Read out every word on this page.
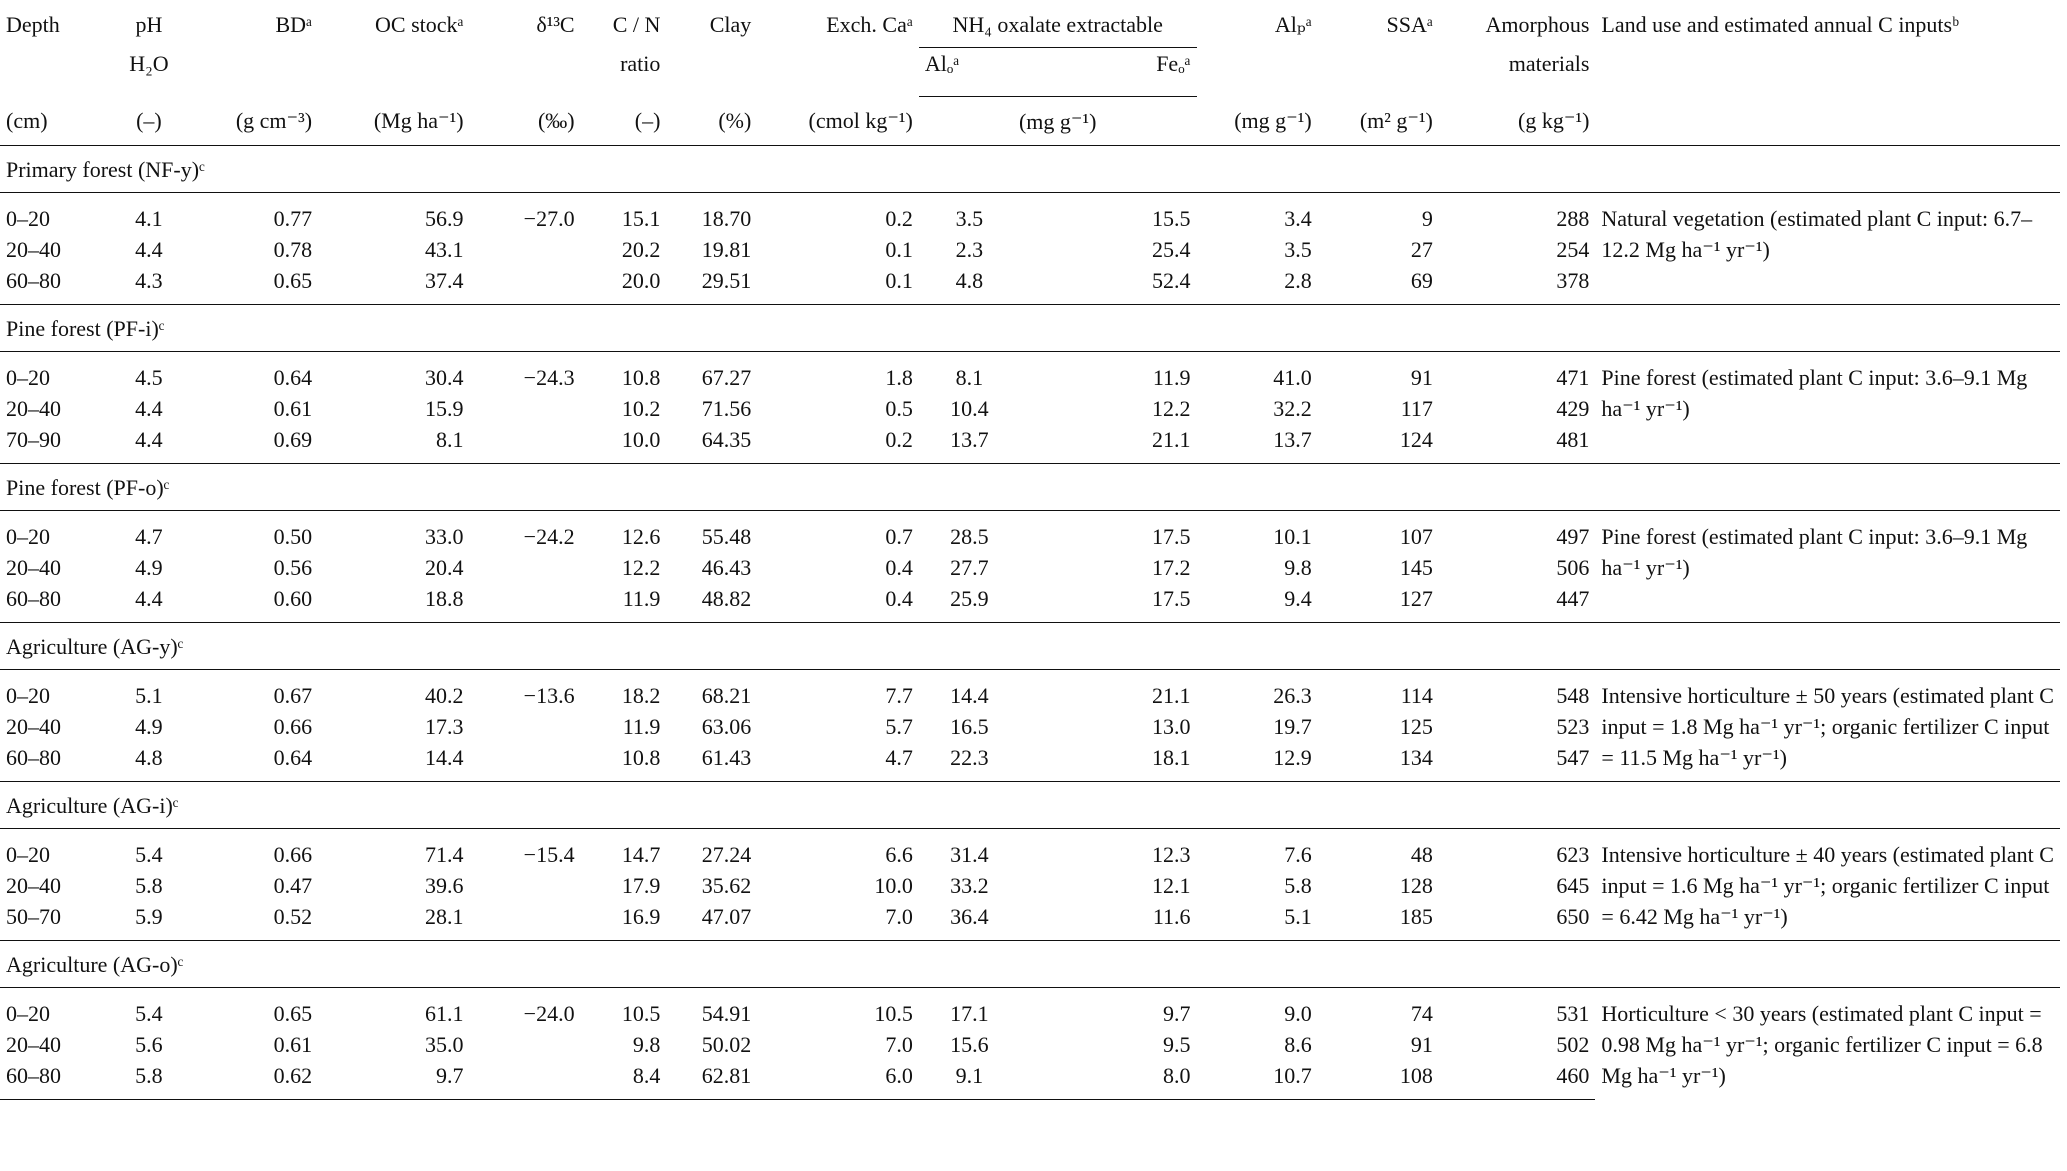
Depth	pH	BDᵃ	OC stockᵃ	δ¹³C	C / N	Clay	Exch. Caᵃ	NH₄ oxalate extractable		Alₚᵃ	SSAᵃ	Amorphous	Land use and estimated annual C inputsᵇ
	H₂O				ratio			Alₒᵃ	Feₒᵃ			materials	
(cm)	(–)	(g cm⁻³)	(Mg ha⁻¹)	(‰)	(–)	(%)	(cmol kg⁻¹)	(mg g⁻¹)		(mg g⁻¹)	(m² g⁻¹)	(g kg⁻¹)	
Primary forest (NF-y)ᶜ													
0–20	4.1	0.77	56.9	−27.0	15.1	18.70	0.2	3.5	15.5	3.4	9	288	Natural vegetation (estimated plant C input: 6.7–12.2 Mg ha⁻¹ yr⁻¹)
20–40	4.4	0.78	43.1		20.2	19.81	0.1	2.3	25.4	3.5	27	254	
60–80	4.3	0.65	37.4		20.0	29.51	0.1	4.8	52.4	2.8	69	378	
Pine forest (PF-i)ᶜ													
0–20	4.5	0.64	30.4	−24.3	10.8	67.27	1.8	8.1	11.9	41.0	91	471	Pine forest (estimated plant C input: 3.6–9.1 Mg ha⁻¹ yr⁻¹)
20–40	4.4	0.61	15.9		10.2	71.56	0.5	10.4	12.2	32.2	117	429	
70–90	4.4	0.69	8.1		10.0	64.35	0.2	13.7	21.1	13.7	124	481	
Pine forest (PF-o)ᶜ													
0–20	4.7	0.50	33.0	−24.2	12.6	55.48	0.7	28.5	17.5	10.1	107	497	Pine forest (estimated plant C input: 3.6–9.1 Mg ha⁻¹ yr⁻¹)
20–40	4.9	0.56	20.4		12.2	46.43	0.4	27.7	17.2	9.8	145	506	
60–80	4.4	0.60	18.8		11.9	48.82	0.4	25.9	17.5	9.4	127	447	
Agriculture (AG-y)ᶜ													
0–20	5.1	0.67	40.2	−13.6	18.2	68.21	7.7	14.4	21.1	26.3	114	548	Intensive horticulture ± 50 years (estimated plant C input = 1.8 Mg ha⁻¹ yr⁻¹; organic fertilizer C input = 11.5 Mg ha⁻¹ yr⁻¹)
20–40	4.9	0.66	17.3		11.9	63.06	5.7	16.5	13.0	19.7	125	523	
60–80	4.8	0.64	14.4		10.8	61.43	4.7	22.3	18.1	12.9	134	547	
Agriculture (AG-i)ᶜ													
0–20	5.4	0.66	71.4	−15.4	14.7	27.24	6.6	31.4	12.3	7.6	48	623	Intensive horticulture ± 40 years (estimated plant C input = 1.6 Mg ha⁻¹ yr⁻¹; organic fertilizer C input = 6.42 Mg ha⁻¹ yr⁻¹)
20–40	5.8	0.47	39.6		17.9	35.62	10.0	33.2	12.1	5.8	128	645	
50–70	5.9	0.52	28.1		16.9	47.07	7.0	36.4	11.6	5.1	185	650	
Agriculture (AG-o)ᶜ													
0–20	5.4	0.65	61.1	−24.0	10.5	54.91	10.5	17.1	9.7	9.0	74	531	Horticulture < 30 years (estimated plant C input = 0.98 Mg ha⁻¹ yr⁻¹; organic fertilizer C input = 6.8 Mg ha⁻¹ yr⁻¹)
20–40	5.6	0.61	35.0		9.8	50.02	7.0	15.6	9.5	8.6	91	502	
60–80	5.8	0.62	9.7		8.4	62.81	6.0	9.1	8.0	10.7	108	460	
